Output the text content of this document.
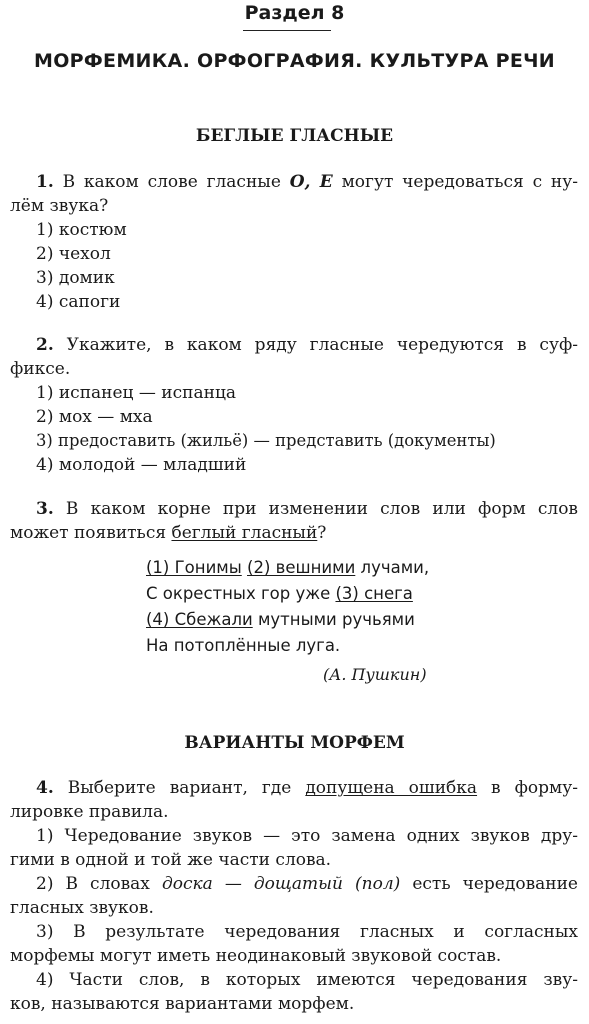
Раздел 8
МОРФЕМИКА. ОРФОГРАФИЯ. КУЛЬТУРА РЕЧИ
БЕГЛЫЕ ГЛАСНЫЕ

1. В каком слове гласные О, Е могут чередоваться с ну-

лём звука?

1) костюм

2) чехол

3) домик

4) сапоги

2. Укажите, в каком ряду гласные чередуются в суф-

фиксе.

1) испанец — испанца

2) мох — мха

3) предоставить (жильё) — представить (документы)

4) молодой — младший

3. В каком корне при изменении слов или форм слов

может появиться беглый гласный?

(1) Гонимы (2) вешними лучами,
С окрестных гор уже (3) снега
(4) Сбежали мутными ручьями
На потоплённые луга.
(А. Пушкин)
ВАРИАНТЫ МОРФЕМ

4. Выберите вариант, где допущена ошибка в форму-

лировке правила.

1) Чередование звуков — это замена одних звуков дру-

гими в одной и той же части слова.

2) В словах доска — дощатый (пол) есть чередование

гласных звуков.

3) В результате чередования гласных и согласных

морфемы могут иметь неодинаковый звуковой состав.

4) Части слов, в которых имеются чередования зву-

ков, называются вариантами морфем.
